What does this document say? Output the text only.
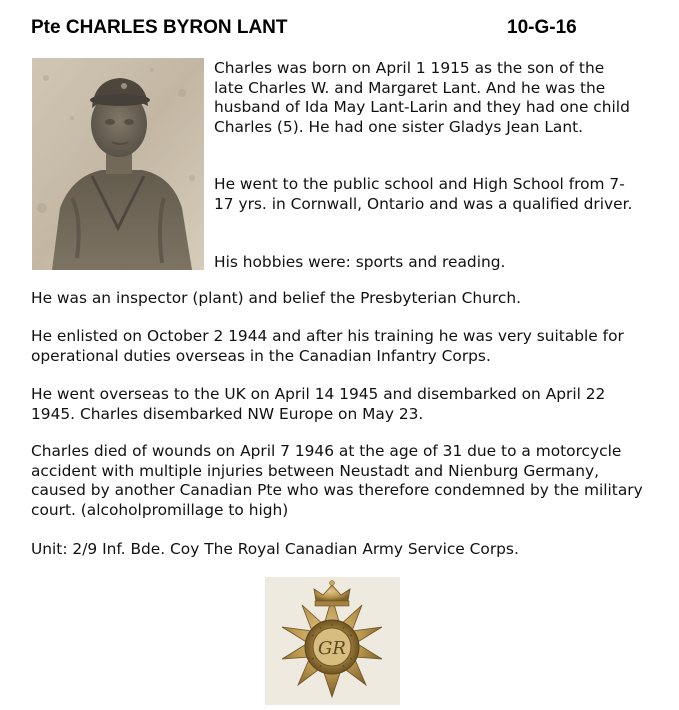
Pte CHARLES BYRON LANT	10-G-16

Charles was born on April 1 1915 as the son of the late Charles W. and Margaret Lant. And he was the husband of Ida May Lant-Larin and they had one child Charles (5). He had one sister Gladys Jean Lant.

He went to the public school and High School from 7-17 yrs. in Cornwall, Ontario and was a qualified driver.

His hobbies were: sports and reading.

He was an inspector (plant) and belief the Presbyterian Church.

He enlisted on October 2 1944 and after his training he was very suitable for operational duties overseas in the Canadian Infantry Corps.

He went overseas to the UK on April 14 1945 and disembarked on April 22 1945. Charles disembarked NW Europe on May 23.

Charles died of wounds on April 7 1946 at the age of 31 due to a motorcycle accident with multiple injuries between Neustadt and Nienburg Germany, caused by another Canadian Pte who was therefore condemned by the military court. (alcoholpromillage to high)

Unit: 2/9 Inf. Bde. Coy The Royal Canadian Army Service Corps.

GR
